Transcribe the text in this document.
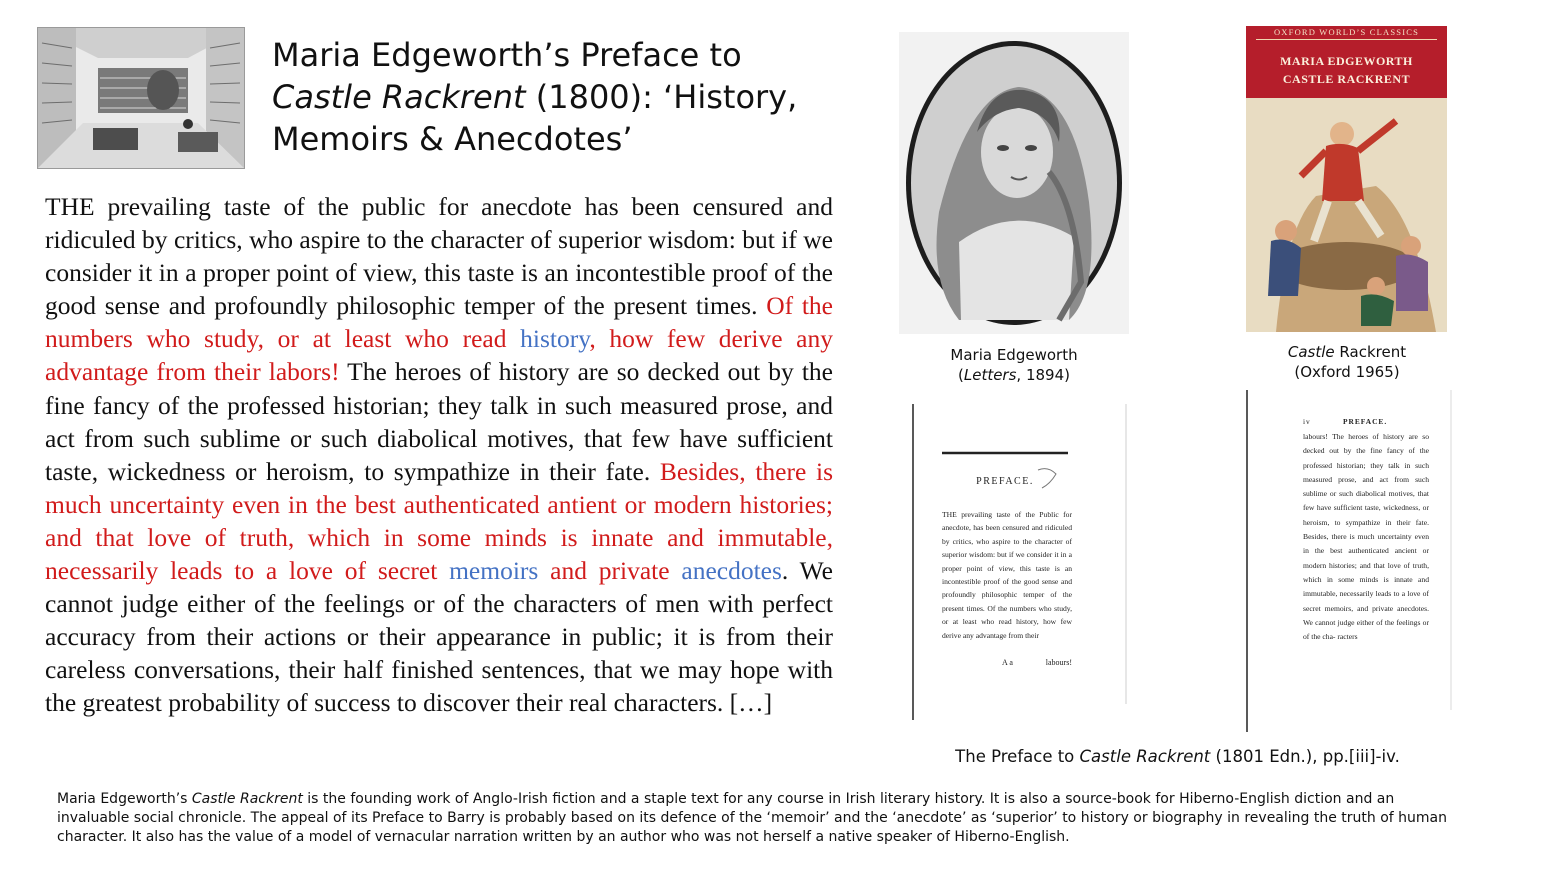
Maria Edgeworth’s Preface to
Castle Rackrent (1800): ‘History,
Memoirs & Anecdotes’

THE prevailing taste of the public for anecdote has been censured and ridiculed by critics, who aspire to the character of superior wisdom: but if we consider it in a proper point of view, this taste is an incontestible proof of the good sense and profoundly philosophic temper of the present times. Of the numbers who study, or at least who read history, how few derive any advantage from their labors! The heroes of history are so decked out by the fine fancy of the professed historian; they talk in such measured prose, and act from such sublime or such diabolical motives, that few have sufficient taste, wickedness or heroism, to sympathize in their fate. Besides, there is much uncertainty even in the best authenticated antient or modern histories; and that love of truth, which in some minds is innate and immutable, necessarily leads to a love of secret memoirs and private anecdotes. We cannot judge either of the feelings or of the characters of men with perfect accuracy from their actions or their appearance in public; it is from their careless conversations, their half finished sentences, that we may hope with the greatest probability of success to discover their real characters. […]

Maria Edgeworth
(Letters, 1894)
OXFORD WORLD’S CLASSICS
MARIA EDGEWORTH
CASTLE RACKRENT
Castle Rackrent
(Oxford 1965)
PREFACE.

THE prevailing taste of the Public for anecdote, has been censured and ridiculed by critics, who aspire to the character of superior wisdom: but if we consider it in a proper point of view, this taste is an incontestible proof of the good sense and profoundly philosophic temper of the present times. Of the numbers who study, or at least who read history, how few derive any advantage from their

A a	labours!
iv	PREFACE.

labours! The heroes of history are so decked out by the fine fancy of the professed historian; they talk in such measured prose, and act from such sublime or such diabolical motives, that few have sufficient taste, wickedness, or heroism, to sympathize in their fate. Besides, there is much uncertainty even in the best authenticated ancient or modern histories; and that love of truth, which in some minds is innate and immutable, necessarily leads to a love of secret memoirs, and private anecdotes. We cannot judge either of the feelings or of the cha- racters

The Preface to Castle Rackrent (1801 Edn.), pp.[iii]-iv.

Maria Edgeworth’s Castle Rackrent is the founding work of Anglo-Irish fiction and a staple text for any course in Irish literary history. It is also a source-book for Hiberno-English diction and an invaluable social chronicle. The appeal of its Preface to Barry is probably based on its defence of the ‘memoir’ and the ‘anecdote’ as ‘superior’ to history or biography in revealing the truth of human character. It also has the value of a model of vernacular narration written by an author who was not herself a native speaker of Hiberno-English.
